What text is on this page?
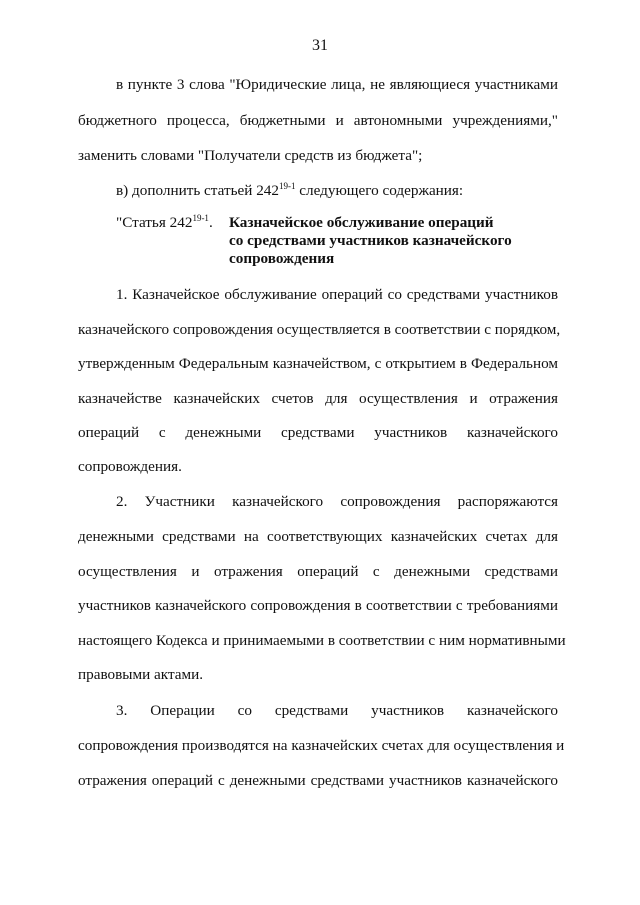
31
в пункте 3 слова "Юридические лица, не являющиеся участниками
бюджетного процесса, бюджетными и автономными учреждениями,"
заменить словами "Получатели средств из бюджета";
в) дополнить статьей 242$^{19-1}$ следующего содержания:
"Статья 242$^{19-1}$. Казначейское обслуживание операций
со средствами участников казначейского
сопровождения
1. Казначейское обслуживание операций со средствами участников
казначейского сопровождения осуществляется в соответствии с порядком,
утвержденным Федеральным казначейством, с открытием в Федеральном
казначействе казначейских счетов для осуществления и отражения
операций с денежными средствами участников казначейского
сопровождения.
2. Участники казначейского сопровождения распоряжаются
денежными средствами на соответствующих казначейских счетах для
осуществления и отражения операций с денежными средствами
участников казначейского сопровождения в соответствии с требованиями
настоящего Кодекса и принимаемыми в соответствии с ним нормативными
правовыми актами.
3. Операции со средствами участников казначейского
сопровождения производятся на казначейских счетах для осуществления и
отражения операций с денежными средствами участников казначейского
